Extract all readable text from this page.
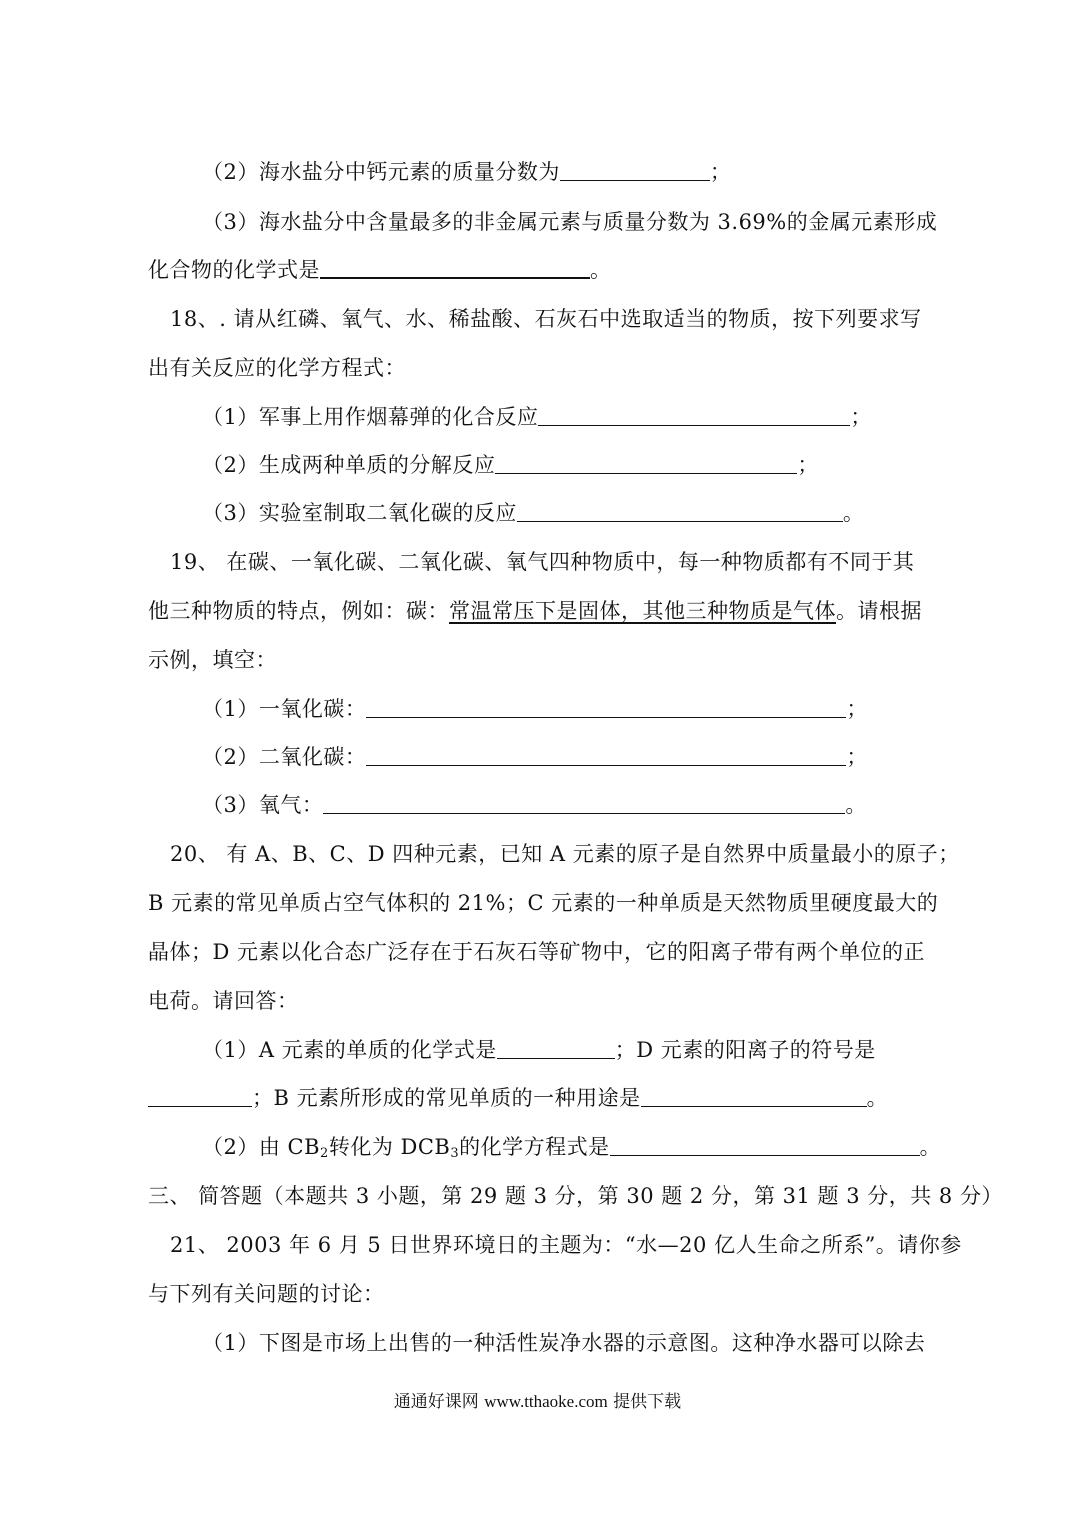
（2）海水盐分中钙元素的质量分数为	；
（3）海水盐分中含量最多的非金属元素与质量分数为 3.69%的金属元素形成
化合物的化学式是	。
18、. 请从红磷、氧气、水、稀盐酸、石灰石中选取适当的物质，按下列要求写
出有关反应的化学方程式：
（1）军事上用作烟幕弹的化合反应	；
（2）生成两种单质的分解反应	；
（3）实验室制取二氧化碳的反应	。
19、 在碳、一氧化碳、二氧化碳、氧气四种物质中，每一种物质都有不同于其
他三种物质的特点，例如：碳：常温常压下是固体，其他三种物质是气体。请根据
示例，填空：
（1）一氧化碳：	；
（2）二氧化碳：	；
（3）氧气：	。
20、 有 A、B、C、D 四种元素，已知 A 元素的原子是自然界中质量最小的原子；
B 元素的常见单质占空气体积的 21%；C 元素的一种单质是天然物质里硬度最大的
晶体；D 元素以化合态广泛存在于石灰石等矿物中，它的阳离子带有两个单位的正
电荷。请回答：
（1）A 元素的单质的化学式是	；D 元素的阳离子的符号是
；B 元素所形成的常见单质的一种用途是	。
（2）由 $CB_2$转化为 $DCB_3$的化学方程式是	。
三、 简答题（本题共 3 小题，第 29 题 3 分，第 30 题 2 分，第 31 题 3 分，共 8 分）
21、 2003 年 6 月 5 日世界环境日的主题为：“水—20 亿人生命之所系”。请你参
与下列有关问题的讨论：
（1）下图是市场上出售的一种活性炭净水器的示意图。这种净水器可以除去
通通好课网 www.tthaoke.com 提供下载
